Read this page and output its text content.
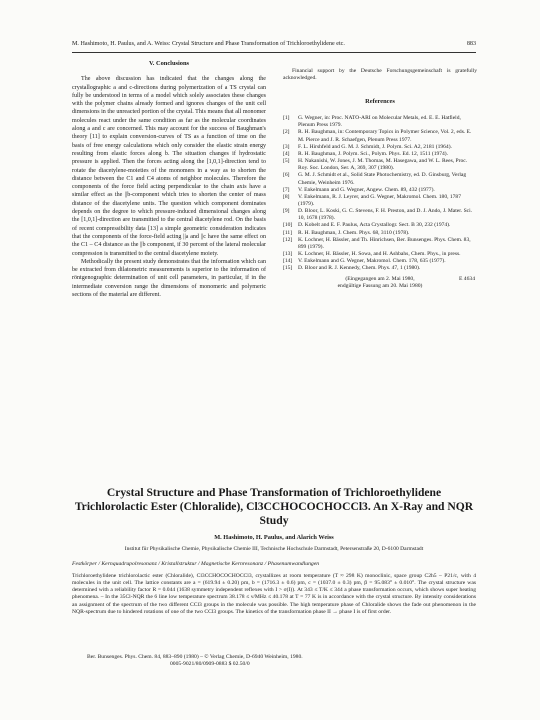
M. Hashimoto, H. Paulus, and A. Weiss: Crystal Structure and Phase Transformation of Trichloroethylidene etc.	883
V. Conclusions

The above discussion has indicated that the changes along the crystallographic a and c-directions during polymerization of a TS crystal can fully be understood in terms of a model which solely associates these changes with the polymer chains already formed and ignores changes of the unit cell dimensions in the unreacted portion of the crystal. This means that all monomer molecules react under the same condition as far as the molecular coordinates along a and c are concerned. This may account for the success of Baughman's theory [11] to explain conversion-curves of TS as a function of time on the basis of free energy calculations which only consider the elastic strain energy resulting from elastic forces along b. The situation changes if hydrostatic pressure is applied. Then the forces acting along the [1,0,1]-direction tend to rotate the diacetylene-moieties of the monomers in a way as to shorten the distance between the C1 and C4 atoms of neighbor molecules. Therefore the components of the force field acting perpendicular to the chain axis have a similar effect as the ||b-component which tries to shorten the center of mass distance of the diacetylene units. The question which component dominates depends on the degree to which pressure-induced dimensional changes along the [1,0,1]-direction are transmitted to the central diacetylene rod. On the basis of recent compressibility data [13] a simple geometric consideration indicates that the components of the force-field acting ||a and ||c have the same effect on the C1 – C4 distance as the ||b component, if 30 percent of the lateral molecular compression is transmitted to the central diacetylene moiety.

Methodically the present study demonstrates that the information which can be extracted from dilatometric measurements is superior to the information of röntgenographic determination of unit cell parameters, in particular, if in the intermediate conversion range the dimensions of monomeric and polymeric sections of the material are different.

Financial support by the Deutsche Forschungsgemeinschaft is gratefully acknowledged.

References
[1]	G. Wegner, in: Proc. NATO-ARI on Molecular Metals, ed. E. E. Hatfield, Plenum Press 1979.
[2]	R. H. Baughman, in: Contemporary Topics in Polymer Science, Vol. 2, eds. E. M. Pierce and J. R. Schaefgen, Plenum Press 1977.
[3]	F. L. Hirshfeld and G. M. J. Schmidt, J. Polym. Sci. A2, 2181 (1964).
[4]	R. H. Baughman, J. Polym. Sci., Polym. Phys. Ed. 12, 1511 (1974).
[5]	H. Nakanishi, W. Jones, J. M. Thomas, M. Hasegawa, and W. L. Rees, Proc. Roy. Soc. London, Ser. A, 369, 307 (1980).
[6]	G. M. J. Schmidt et al., Solid State Photochemistry, ed. D. Ginsburg, Verlag Chemie, Weinheim 1976.
[7]	V. Enkelmann and G. Wegner, Angew. Chem. 89, 432 (1977).
[8]	V. Enkelmann, R. J. Leyrer, and G. Wegner, Makromol. Chem. 180, 1787 (1979).
[9]	D. Bloor, L. Koski, G. C. Stevens, F. H. Preston, and D. J. Ando, J. Mater. Sci. 10, 1678 (1978).
[10]	D. Kobelt and E. F. Paulus, Acta Crystallogr. Sect. B 30, 232 (1974).
[11]	R. H. Baughman, J. Chem. Phys. 68, 3110 (1978).
[12]	K. Lochner, H. Bässler, and Th. Hinrichsen, Ber. Bunsenges. Phys. Chem. 83, 899 (1979).
[13]	K. Lochner, H. Bässler, H. Sowa, and H. Ashbahs, Chem. Phys., in press.
[14]	V. Enkelmann and G. Wegner, Makromol. Chem. 178, 635 (1977).
[15]	D. Bloor and R. J. Kennedy, Chem. Phys. 47, 1 (1980).
(Eingegangen am 2. Mai 1980,
endgültige Fassung am 20. Mai 1980)
E 4634
Crystal Structure and Phase Transformation of Trichloroethylidene Trichlorolactic Ester (Chloralide), Cl3CCHOCOCHOCCl3. An X-Ray and NQR Study
M. Hashimoto, H. Paulus, and Alarich Weiss
Institut für Physikalische Chemie, Physikalische Chemie III, Technische Hochschule Darmstadt, Petersenstraße 20, D-6100 Darmstadt
Festkörper / Kernquadrupolresonanz / Kristallstruktur / Magnetische Kernresonanz / Phasenumwandlungen

Trichloroethylidene trichlorolactic ester (Chloralide), Cl3CCHOCOCHOCCl3, crystallizes at room temperature (T ≈ 298 K) monoclinic, space group C2h5 – P21/c, with 4 molecules in the unit cell. The lattice constants are a = (619.94 ± 0.20) pm, b = (1716.3 ± 0.6) pm, c = (1037.0 ± 0.3) pm, β = 95.083° ± 0.010°. The crystal structure was determined with a reliability factor R = 0.044 (1638 symmetry independent reflexes with I > σ(I)). At 343 ≤ T/K ≤ 344 a phase transformation occurs, which shows super heating phenomena. – In the 35Cl-NQR the 6 line low temperature spectrum 38.178 ≤ ν/MHz ≤ 40.178 at T = 77 K is in accordance with the crystal structure. By intensity considerations an assignment of the spectrum of the two different CCl3 groups in the molecule was possible. The high temperature phase of Chloralide shows the fade out phenomenon in the NQR-spectrum due to hindered rotations of one of the two CCl3 groups. The kinetics of the transformation phase II → phase I is of first order.

Ber. Bunsenges. Phys. Chem. 84, 883–890 (1980) – © Verlag Chemie, D-6940 Weinheim, 1980.
0005-9021/80/0909-0883 $ 02.50/0
